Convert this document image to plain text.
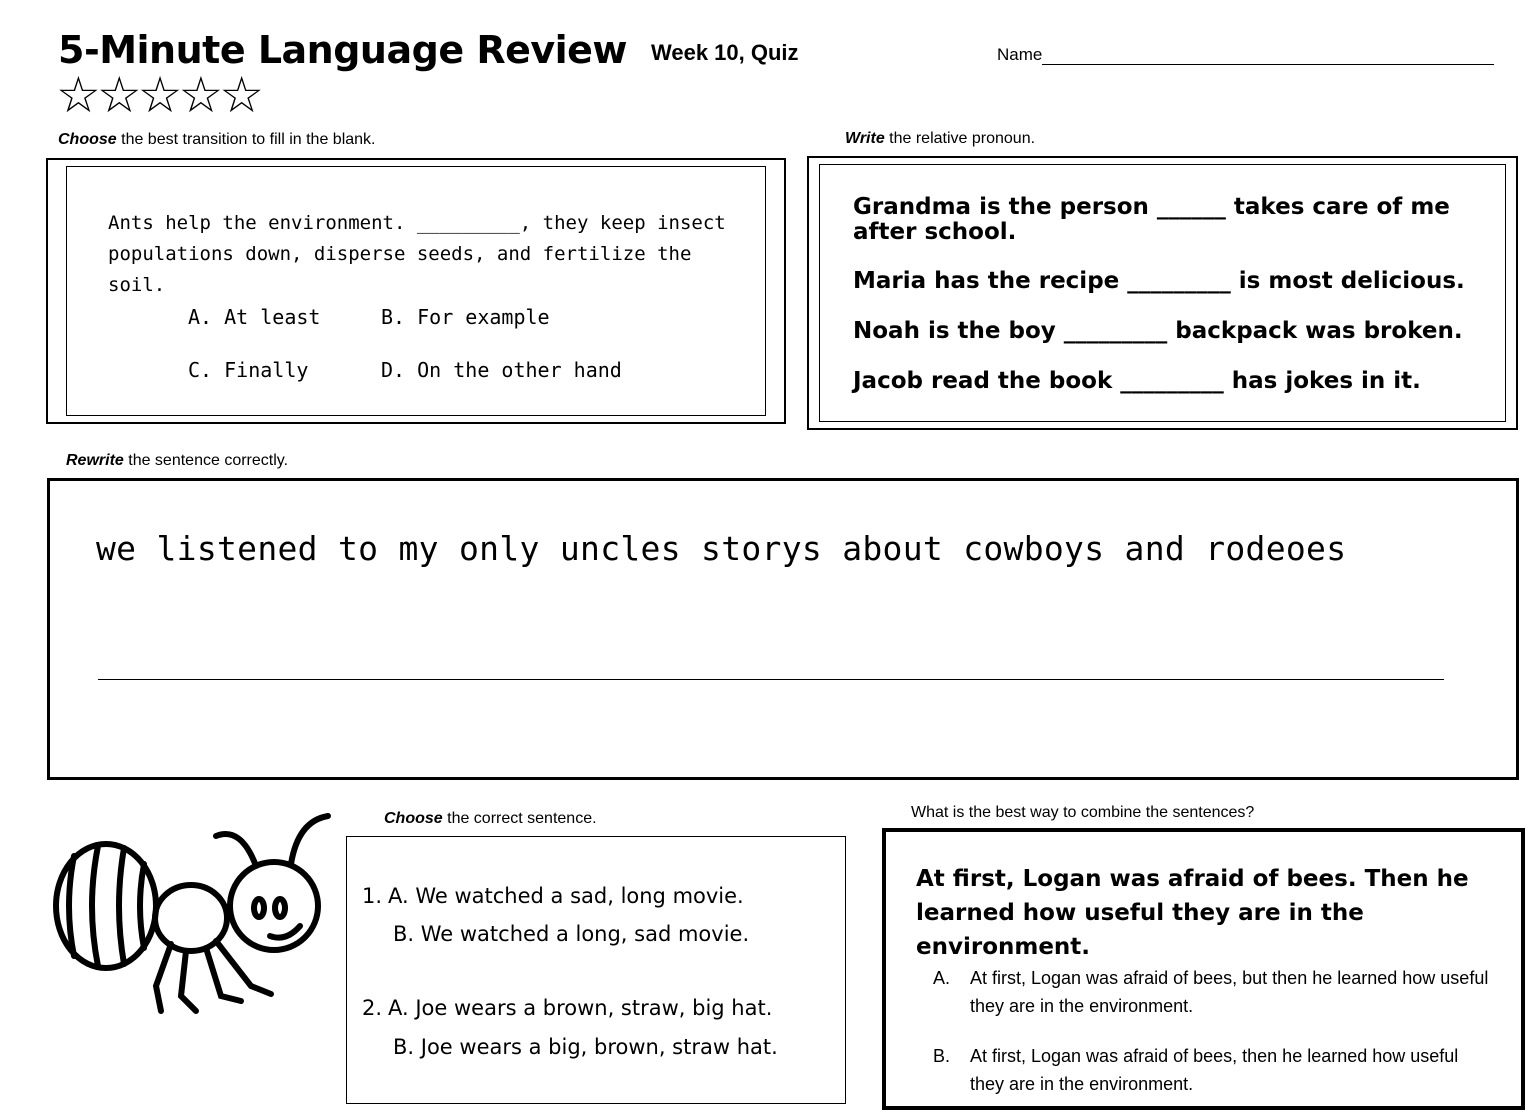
5-Minute Language Review Week 10, Quiz	Name
☆☆☆☆☆
Choose the best transition to fill in the blank.
Ants help the environment. _________, they keep insect populations down, disperse seeds, and fertilize the soil.
A. At least	B. For example
C. Finally	D. On the other hand
Write the relative pronoun.
Grandma is the person ______ takes care of me
after school.
Maria has the recipe _________ is most delicious.
Noah is the boy _________ backpack was broken.
Jacob read the book _________ has jokes in it.
Rewrite the sentence correctly.
we listened to my only uncles storys about cowboys and rodeoes
Choose the correct sentence.
1. A. We watched a sad, long movie.
B. We watched a long, sad movie.
2. A. Joe wears a brown, straw, big hat.
B. Joe wears a big, brown, straw hat.
What is the best way to combine the sentences?
At first, Logan was afraid of bees. Then he learned how useful they are in the environment.
A. At first, Logan was afraid of bees, but then he learned how useful they are in the environment.
B. At first, Logan was afraid of bees, then he learned how useful they are in the environment.
